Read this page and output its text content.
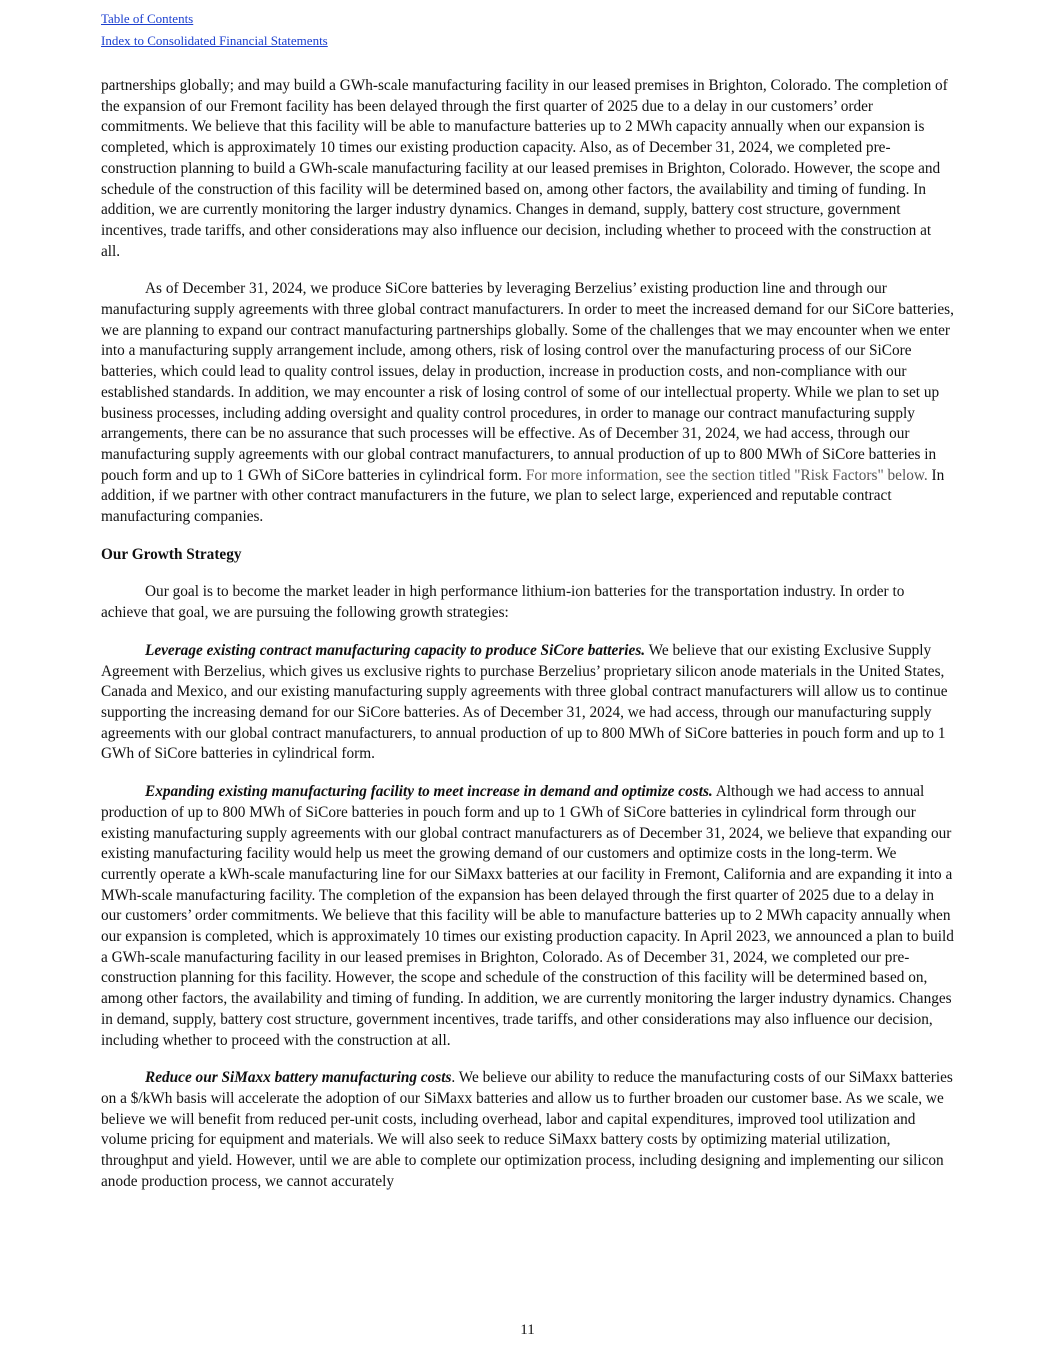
Table of Contents
Index to Consolidated Financial Statements

partnerships globally; and may build a GWh-scale manufacturing facility in our leased premises in Brighton, Colorado. The completion of the expansion of our Fremont facility has been delayed through the first quarter of 2025 due to a delay in our customers’ order commitments. We believe that this facility will be able to manufacture batteries up to 2 MWh capacity annually when our expansion is completed, which is approximately 10 times our existing production capacity. Also, as of December 31, 2024, we completed pre-construction planning to build a GWh-scale manufacturing facility at our leased premises in Brighton, Colorado. However, the scope and schedule of the construction of this facility will be determined based on, among other factors, the availability and timing of funding. In addition, we are currently monitoring the larger industry dynamics. Changes in demand, supply, battery cost structure, government incentives, trade tariffs, and other considerations may also influence our decision, including whether to proceed with the construction at all.

As of December 31, 2024, we produce SiCore batteries by leveraging Berzelius’ existing production line and through our manufacturing supply agreements with three global contract manufacturers. In order to meet the increased demand for our SiCore batteries, we are planning to expand our contract manufacturing partnerships globally. Some of the challenges that we may encounter when we enter into a manufacturing supply arrangement include, among others, risk of losing control over the manufacturing process of our SiCore batteries, which could lead to quality control issues, delay in production, increase in production costs, and non-compliance with our established standards. In addition, we may encounter a risk of losing control of some of our intellectual property. While we plan to set up business processes, including adding oversight and quality control procedures, in order to manage our contract manufacturing supply arrangements, there can be no assurance that such processes will be effective. As of December 31, 2024, we had access, through our manufacturing supply agreements with our global contract manufacturers, to annual production of up to 800 MWh of SiCore batteries in pouch form and up to 1 GWh of SiCore batteries in cylindrical form. For more information, see the section titled "Risk Factors" below. In addition, if we partner with other contract manufacturers in the future, we plan to select large, experienced and reputable contract manufacturing companies.

Our Growth Strategy

Our goal is to become the market leader in high performance lithium-ion batteries for the transportation industry. In order to achieve that goal, we are pursuing the following growth strategies:

Leverage existing contract manufacturing capacity to produce SiCore batteries. We believe that our existing Exclusive Supply Agreement with Berzelius, which gives us exclusive rights to purchase Berzelius’ proprietary silicon anode materials in the United States, Canada and Mexico, and our existing manufacturing supply agreements with three global contract manufacturers will allow us to continue supporting the increasing demand for our SiCore batteries. As of December 31, 2024, we had access, through our manufacturing supply agreements with our global contract manufacturers, to annual production of up to 800 MWh of SiCore batteries in pouch form and up to 1 GWh of SiCore batteries in cylindrical form.

Expanding existing manufacturing facility to meet increase in demand and optimize costs. Although we had access to annual production of up to 800 MWh of SiCore batteries in pouch form and up to 1 GWh of SiCore batteries in cylindrical form through our existing manufacturing supply agreements with our global contract manufacturers as of December 31, 2024, we believe that expanding our existing manufacturing facility would help us meet the growing demand of our customers and optimize costs in the long-term. We currently operate a kWh-scale manufacturing line for our SiMaxx batteries at our facility in Fremont, California and are expanding it into a MWh-scale manufacturing facility. The completion of the expansion has been delayed through the first quarter of 2025 due to a delay in our customers’ order commitments. We believe that this facility will be able to manufacture batteries up to 2 MWh capacity annually when our expansion is completed, which is approximately 10 times our existing production capacity. In April 2023, we announced a plan to build a GWh-scale manufacturing facility in our leased premises in Brighton, Colorado. As of December 31, 2024, we completed our pre-construction planning for this facility. However, the scope and schedule of the construction of this facility will be determined based on, among other factors, the availability and timing of funding. In addition, we are currently monitoring the larger industry dynamics. Changes in demand, supply, battery cost structure, government incentives, trade tariffs, and other considerations may also influence our decision, including whether to proceed with the construction at all.

Reduce our SiMaxx battery manufacturing costs. We believe our ability to reduce the manufacturing costs of our SiMaxx batteries on a $/kWh basis will accelerate the adoption of our SiMaxx batteries and allow us to further broaden our customer base. As we scale, we believe we will benefit from reduced per-unit costs, including overhead, labor and capital expenditures, improved tool utilization and volume pricing for equipment and materials. We will also seek to reduce SiMaxx battery costs by optimizing material utilization, throughput and yield. However, until we are able to complete our optimization process, including designing and implementing our silicon anode production process, we cannot accurately

11
